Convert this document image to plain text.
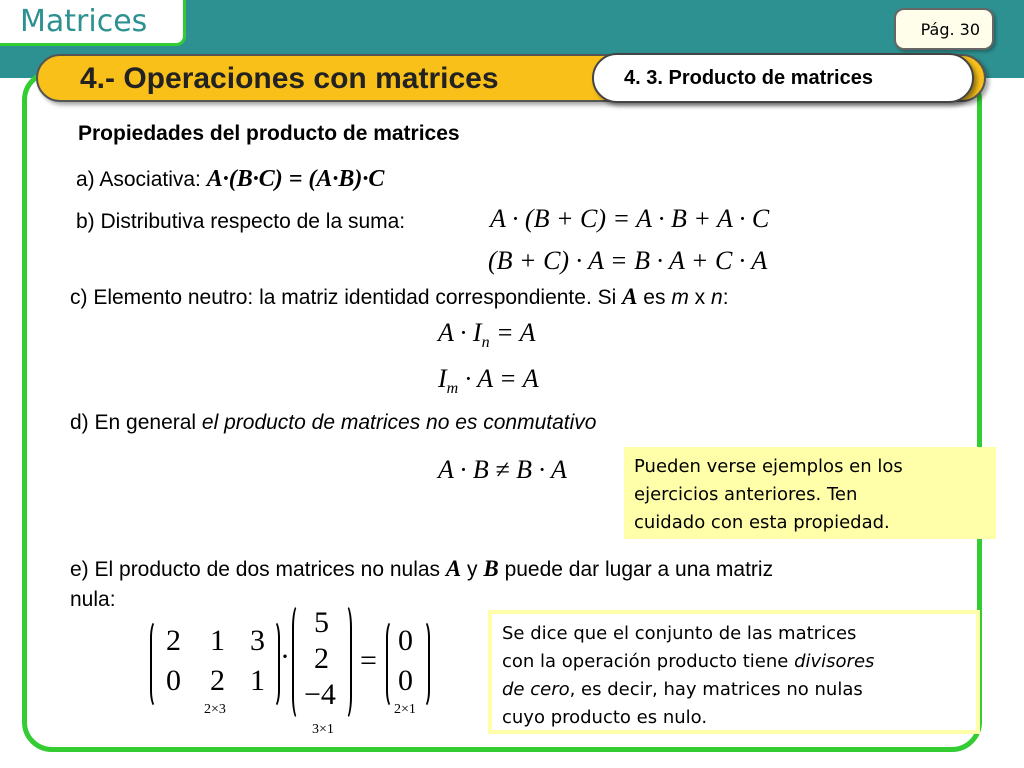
Matrices	Pág. 30
4.- Operaciones con matrices	4. 3. Producto de matrices
Propiedades del producto de matrices
a) Asociativa: A·(B·C) = (A·B)·C
b) Distributiva respecto de la suma:	A · (B + C) = A · B + A · C
(B + C) · A = B · A + C · A
c) Elemento neutro: la matriz identidad correspondiente. Si A es m x n:
$A \cdot I_n = A$
$I_m \cdot A = A$
d) En general el producto de matrices no es conmutativo
A · B ≠ B · A	Pueden verse ejemplos en los
ejercicios anteriores. Ten
cuidado con esta propiedad.
e) El producto de dos matrices no nulas A y B puede dar lugar a una matriz
nula:
2 1 3
0 2 1
2×3
·
5
2
−4
3×1
=
0
0
2×1
Se dice que el conjunto de las matrices
con la operación producto tiene divisores
de cero, es decir, hay matrices no nulas
cuyo producto es nulo.
